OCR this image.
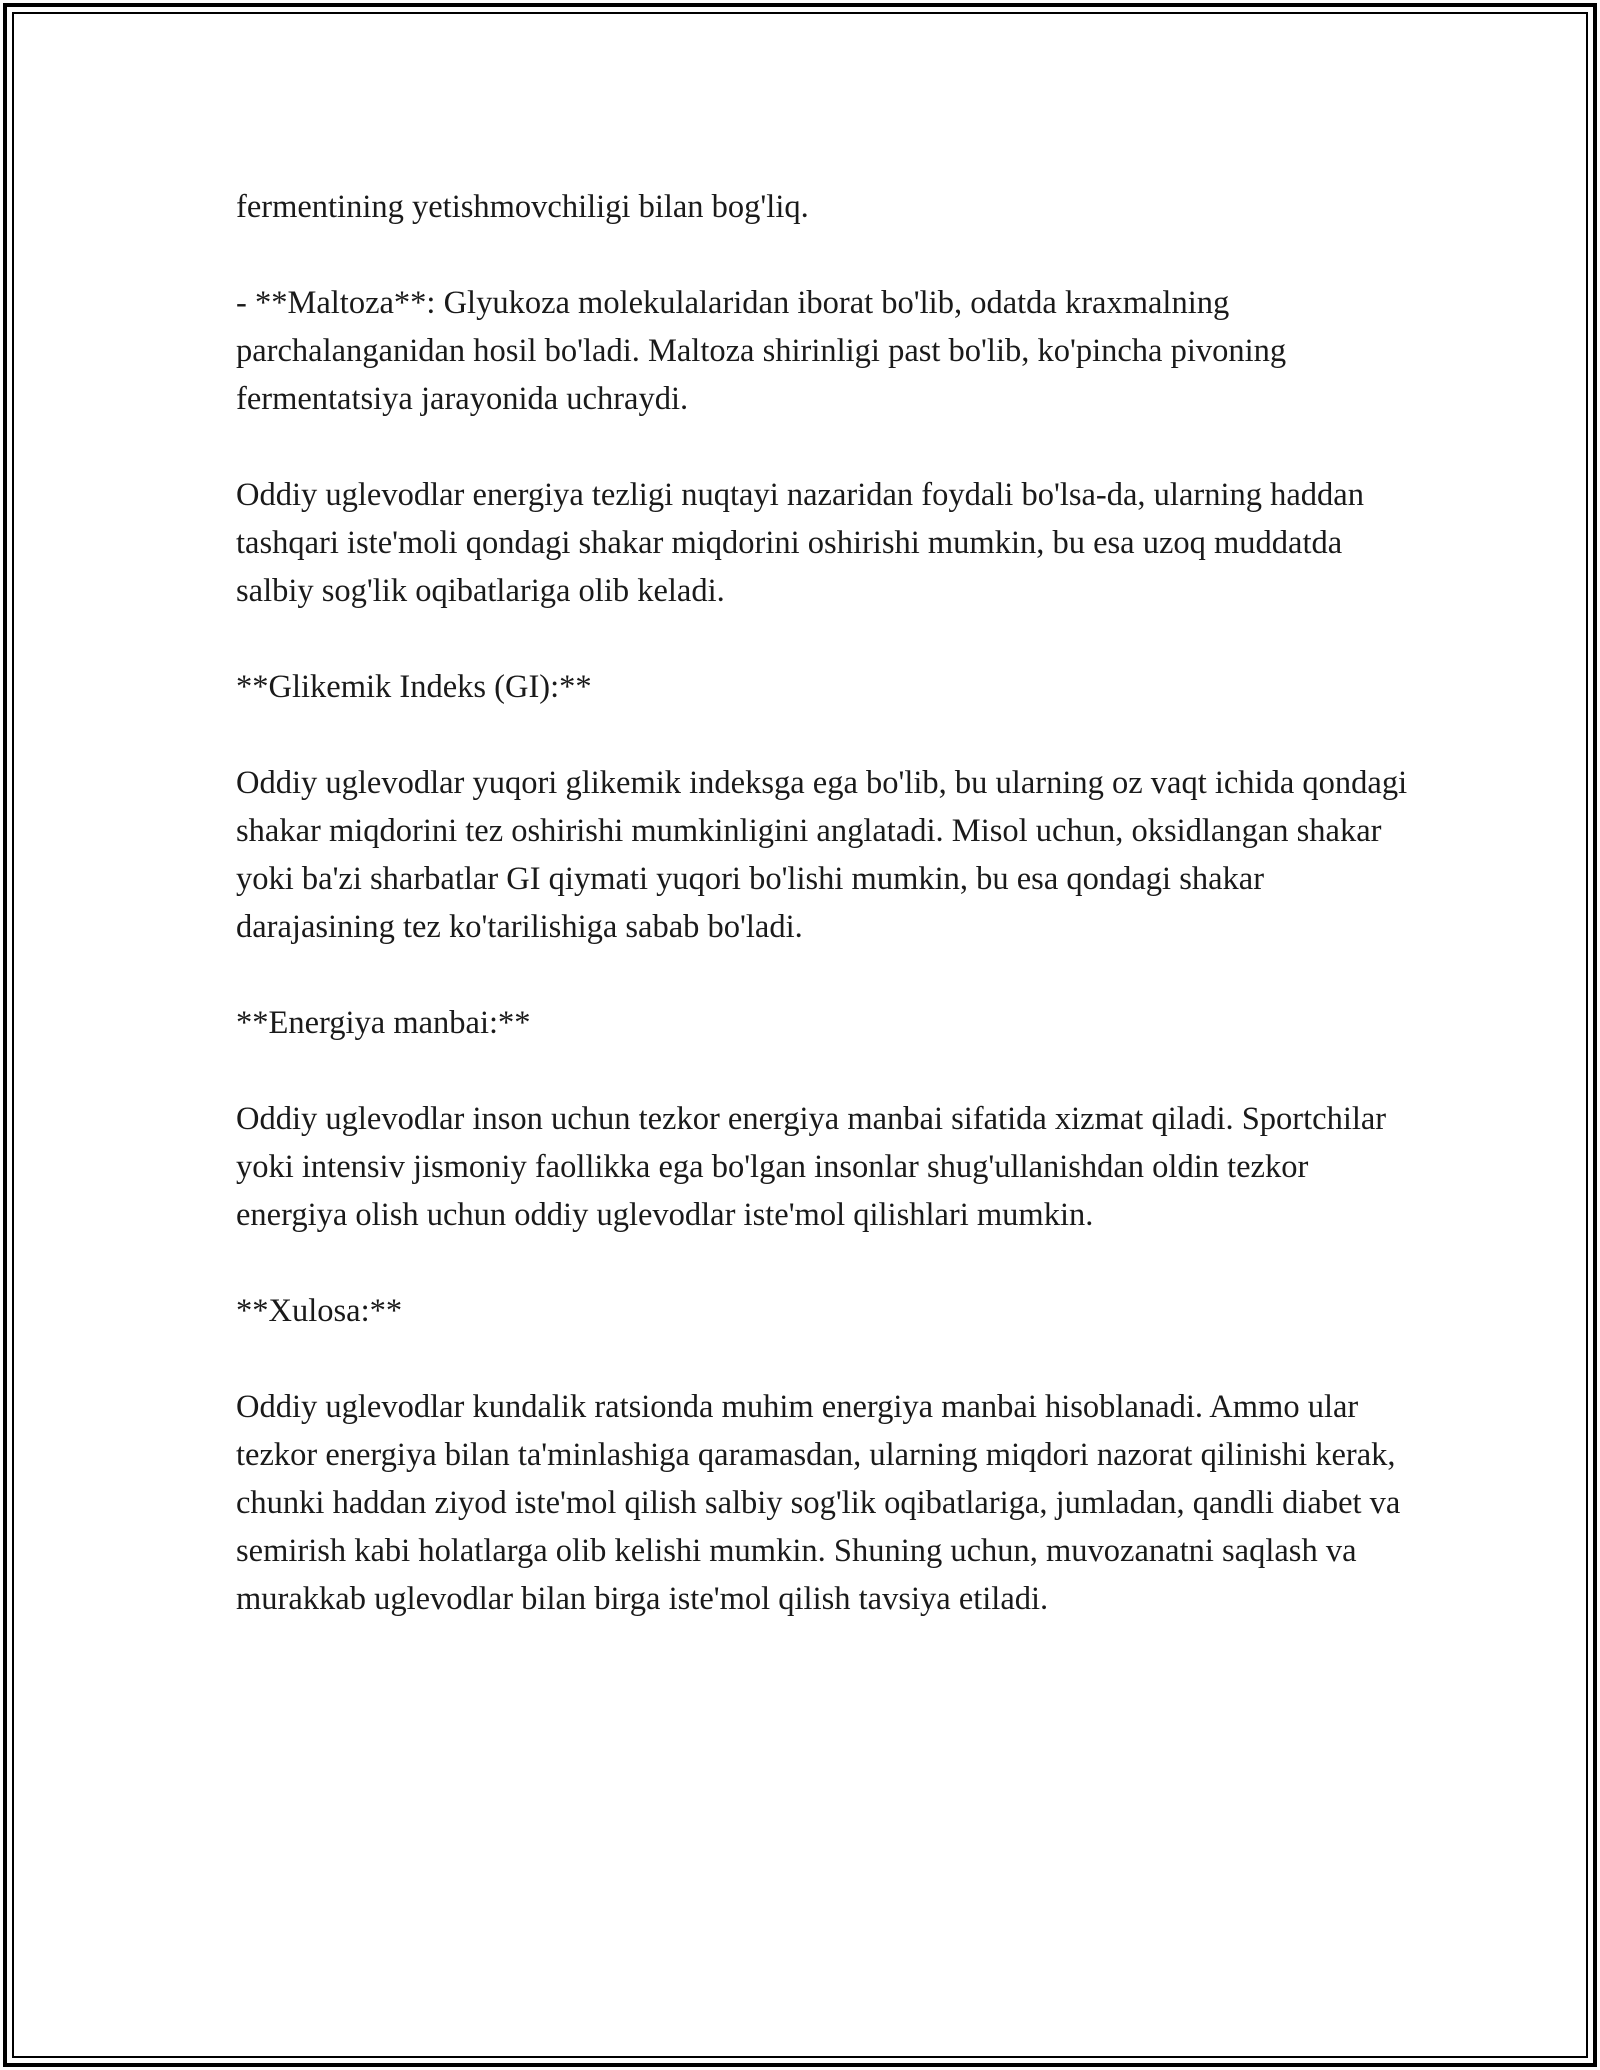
fermentining yetishmovchiligi bilan bog'liq.

- **Maltoza**: Glyukoza molekulalaridan iborat bo'lib, odatda kraxmalning parchalanganidan hosil bo'ladi. Maltoza shirinligi past bo'lib, ko'pincha pivoning fermentatsiya jarayonida uchraydi.

Oddiy uglevodlar energiya tezligi nuqtayi nazaridan foydali bo'lsa-da, ularning haddan tashqari iste'moli qondagi shakar miqdorini oshirishi mumkin, bu esa uzoq muddatda salbiy sog'lik oqibatlariga olib keladi.

**Glikemik Indeks (GI):**

Oddiy uglevodlar yuqori glikemik indeksga ega bo'lib, bu ularning oz vaqt ichida qondagi shakar miqdorini tez oshirishi mumkinligini anglatadi. Misol uchun, oksidlangan shakar yoki ba'zi sharbatlar GI qiymati yuqori bo'lishi mumkin, bu esa qondagi shakar darajasining tez ko'tarilishiga sabab bo'ladi.

**Energiya manbai:**

Oddiy uglevodlar inson uchun tezkor energiya manbai sifatida xizmat qiladi. Sportchilar yoki intensiv jismoniy faollikka ega bo'lgan insonlar shug'ullanishdan oldin tezkor energiya olish uchun oddiy uglevodlar iste'mol qilishlari mumkin.

**Xulosa:**

Oddiy uglevodlar kundalik ratsionda muhim energiya manbai hisoblanadi. Ammo ular tezkor energiya bilan ta'minlashiga qaramasdan, ularning miqdori nazorat qilinishi kerak, chunki haddan ziyod iste'mol qilish salbiy sog'lik oqibatlariga, jumladan, qandli diabet va semirish kabi holatlarga olib kelishi mumkin. Shuning uchun, muvozanatni saqlash va murakkab uglevodlar bilan birga iste'mol qilish tavsiya etiladi.
